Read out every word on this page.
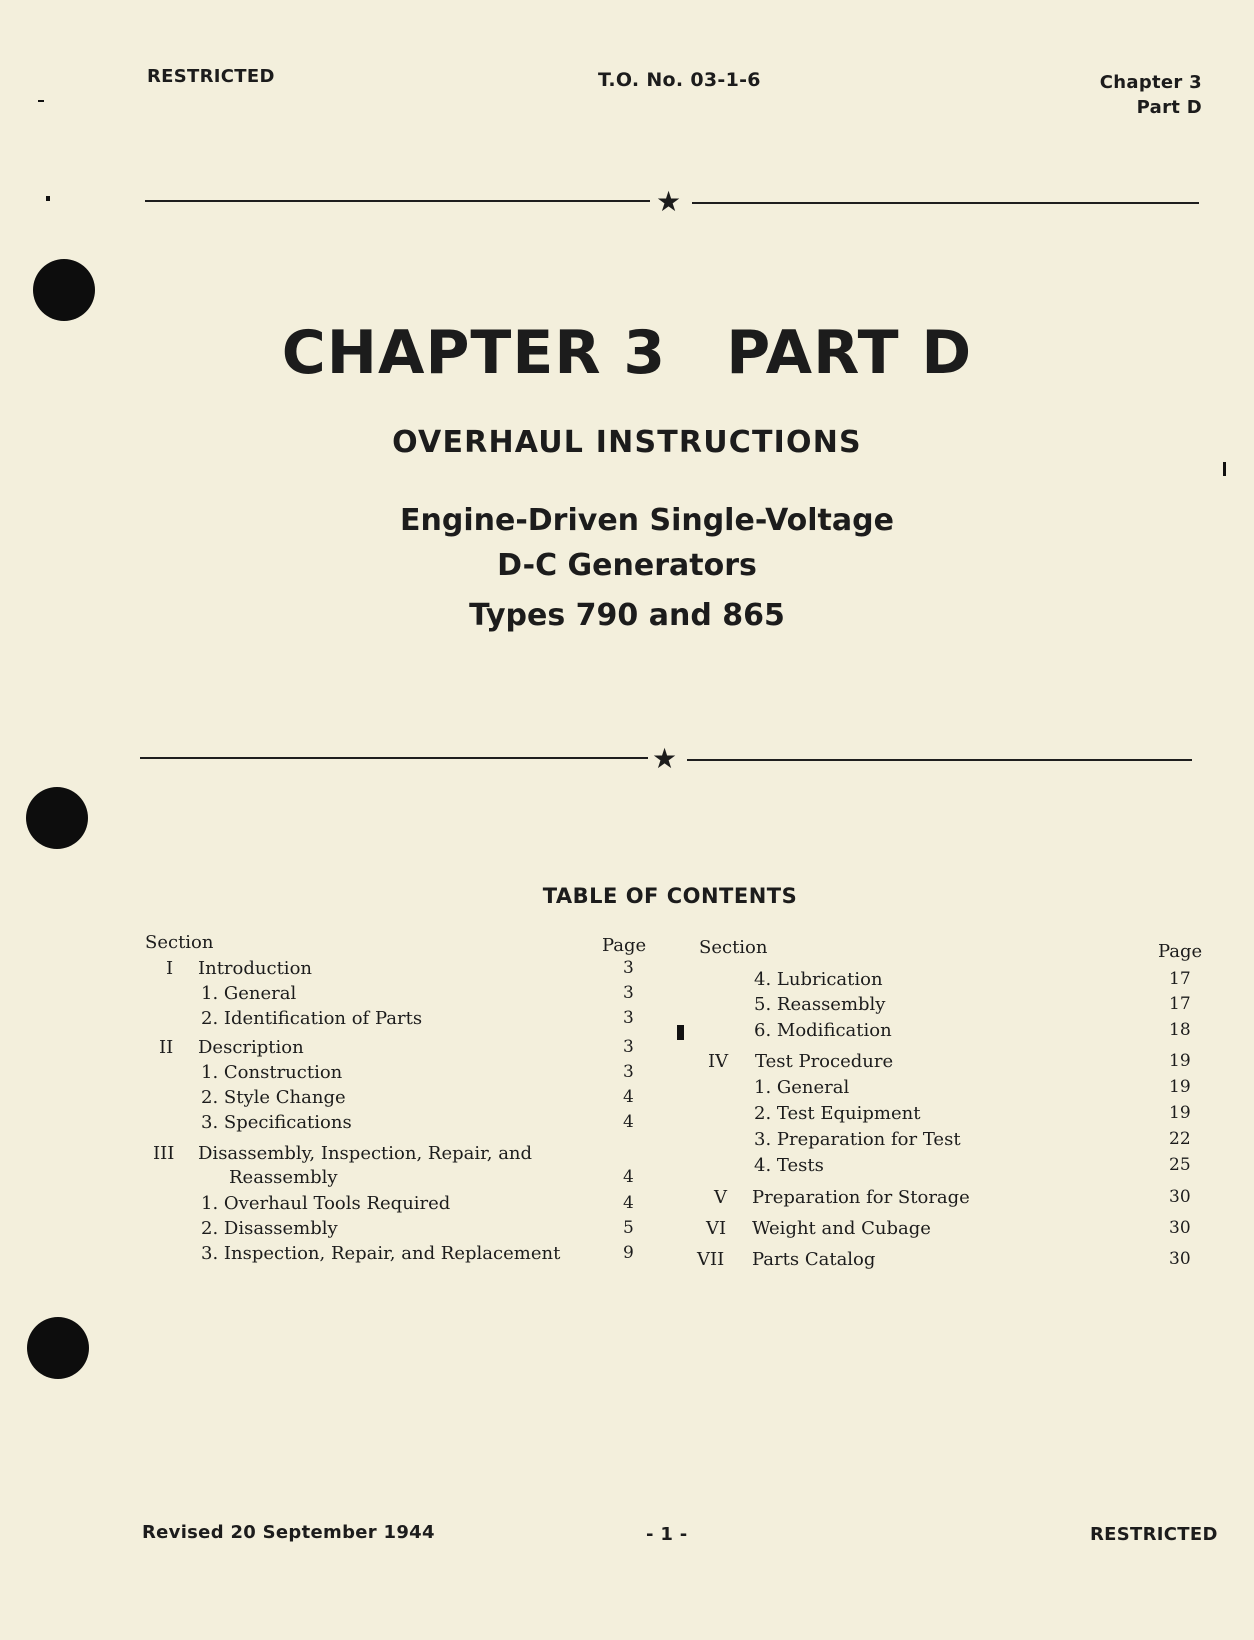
RESTRICTED	T.O. No. 03-1-6	Chapter 3
Part D
★
CHAPTER 3 PART D
OVERHAUL INSTRUCTIONS
Engine-Driven Single-Voltage
D-C Generators
Types 790 and 865
★
TABLE OF CONTENTS
Section	Page	Section	Page
I Introduction	3
1. General	3
2. Identification of Parts	3
II Description	3
1. Construction	3
2. Style Change	4
3. Specifications	4
III Disassembly, Inspection, Repair, and
Reassembly	4
1. Overhaul Tools Required	4
2. Disassembly	5
3. Inspection, Repair, and Replacement	9
4. Lubrication	17
5. Reassembly	17
6. Modification	18
IV Test Procedure	19
1. General	19
2. Test Equipment	19
3. Preparation for Test	22
4. Tests	25
V Preparation for Storage	30
VI Weight and Cubage	30
VII Parts Catalog	30
Revised 20 September 1944	- 1 -	RESTRICTED
